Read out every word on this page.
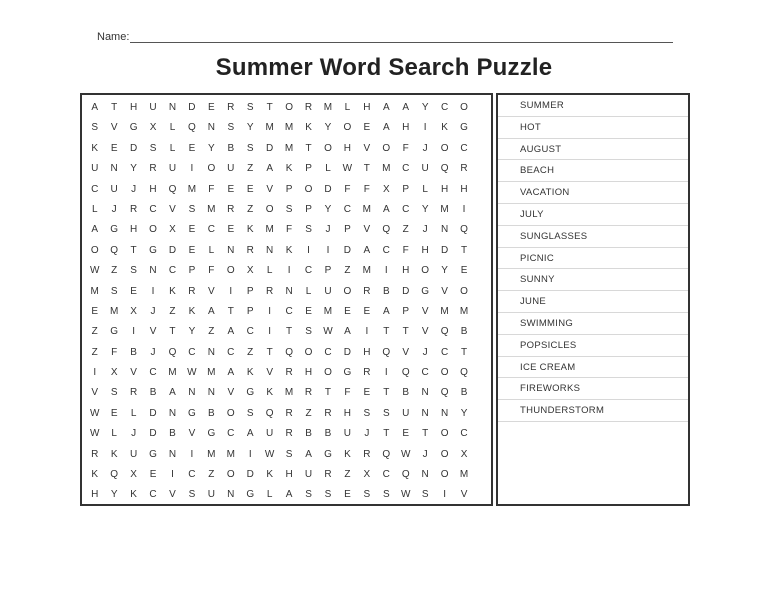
Name:
Summer Word Search Puzzle
A	T	H	U	N	D	E	R	S	T	O	R	M	L	H	A	A	Y	C	O
S	V	G	X	L	Q	N	S	Y	M	M	K	Y	O	E	A	H	I	K	G
K	E	D	S	L	E	Y	B	S	D	M	T	O	H	V	O	F	J	O	C
U	N	Y	R	U	I	O	U	Z	A	K	P	L	W	T	M	C	U	Q	R
C	U	J	H	Q	M	F	E	E	V	P	O	D	F	F	X	P	L	H	H
L	J	R	C	V	S	M	R	Z	O	S	P	Y	C	M	A	C	Y	M	I
A	G	H	O	X	E	C	E	K	M	F	S	J	P	V	Q	Z	J	N	Q
O	Q	T	G	D	E	L	N	R	N	K	I	I	D	A	C	F	H	D	T
W	Z	S	N	C	P	F	O	X	L	I	C	P	Z	M	I	H	O	Y	E
M	S	E	I	K	R	V	I	P	R	N	L	U	O	R	B	D	G	V	O
E	M	X	J	Z	K	A	T	P	I	C	E	M	E	E	A	P	V	M	M
Z	G	I	V	T	Y	Z	A	C	I	T	S	W	A	I	T	T	V	Q	B
Z	F	B	J	Q	C	N	C	Z	T	Q	O	C	D	H	Q	V	J	C	T
I	X	V	C	M	W	M	A	K	V	R	H	O	G	R	I	Q	C	O	Q
V	S	R	B	A	N	N	V	G	K	M	R	T	F	E	T	B	N	Q	B
W	E	L	D	N	G	B	O	S	Q	R	Z	R	H	S	S	U	N	N	Y
W	L	J	D	B	V	G	C	A	U	R	B	B	U	J	T	E	T	O	C
R	K	U	G	N	I	M	M	I	W	S	A	G	K	R	Q	W	J	O	X
K	Q	X	E	I	C	Z	O	D	K	H	U	R	Z	X	C	Q	N	O	M
H	Y	K	C	V	S	U	N	G	L	A	S	S	E	S	S	W	S	I	V
SUMMER
HOT
AUGUST
BEACH
VACATION
JULY
SUNGLASSES
PICNIC
SUNNY
JUNE
SWIMMING
POPSICLES
ICE CREAM
FIREWORKS
THUNDERSTORM
